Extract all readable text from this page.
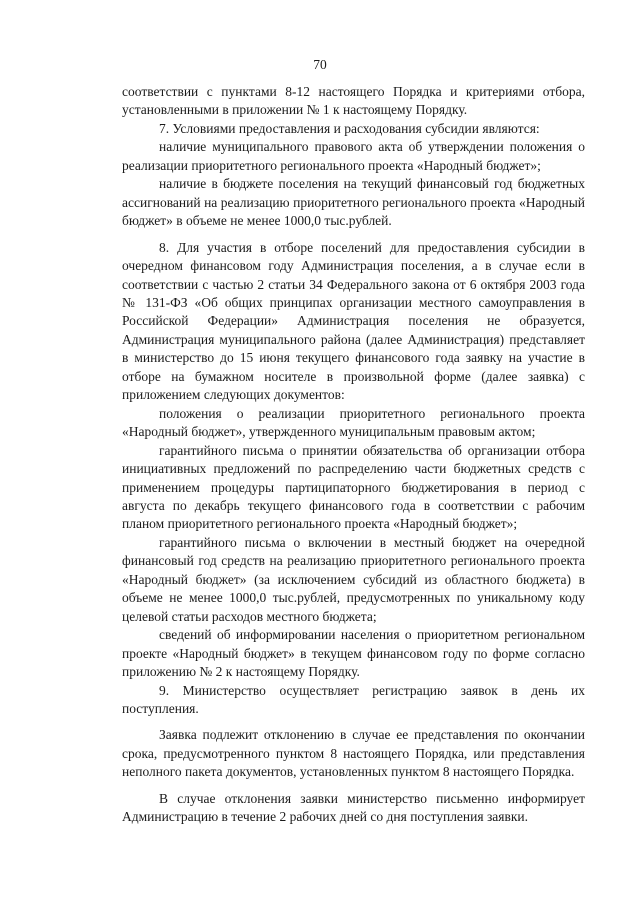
70

соответствии с пунктами 8-12 настоящего Порядка и критериями отбора, установленными в приложении № 1 к настоящему Порядку.

7. Условиями предоставления и расходования субсидии являются:

наличие муниципального правового акта об утверждении положения о реализации приоритетного регионального проекта «Народный бюджет»;

наличие в бюджете поселения на текущий финансовый год бюджетных ассигнований на реализацию приоритетного регионального проекта «Народный бюджет» в объеме не менее 1000,0 тыс.рублей.

8. Для участия в отборе поселений для предоставления субсидии в очередном финансовом году Администрация поселения, а в случае если в соответствии с частью 2 статьи 34 Федерального закона от 6 октября 2003 года № 131-ФЗ «Об общих принципах организации местного самоуправления в Российской Федерации» Администрация поселения не образуется, Администрация муниципального района (далее Администрация) представляет в министерство до 15 июня текущего финансового года заявку на участие в отборе на бумажном носителе в произвольной форме (далее заявка) с приложением следующих документов:

положения о реализации приоритетного регионального проекта «Народный бюджет», утвержденного муниципальным правовым актом;

гарантийного письма о принятии обязательства об организации отбора инициативных предложений по распределению части бюджетных средств с применением процедуры партиципаторного бюджетирования в период с августа по декабрь текущего финансового года в соответствии с рабочим планом приоритетного регионального проекта «Народный бюджет»;

гарантийного письма о включении в местный бюджет на очередной финансовый год средств на реализацию приоритетного регионального проекта «Народный бюджет» (за исключением субсидий из областного бюджета) в объеме не менее 1000,0 тыс.рублей, предусмотренных по уникальному коду целевой статьи расходов местного бюджета;

сведений об информировании населения о приоритетном региональном проекте «Народный бюджет» в текущем финансовом году по форме согласно приложению № 2 к настоящему Порядку.

9. Министерство осуществляет регистрацию заявок в день их поступления.

Заявка подлежит отклонению в случае ее представления по окончании срока, предусмотренного пунктом 8 настоящего Порядка, или представления неполного пакета документов, установленных пунктом 8 настоящего Порядка.

В случае отклонения заявки министерство письменно информирует Администрацию в течение 2 рабочих дней со дня поступления заявки.
